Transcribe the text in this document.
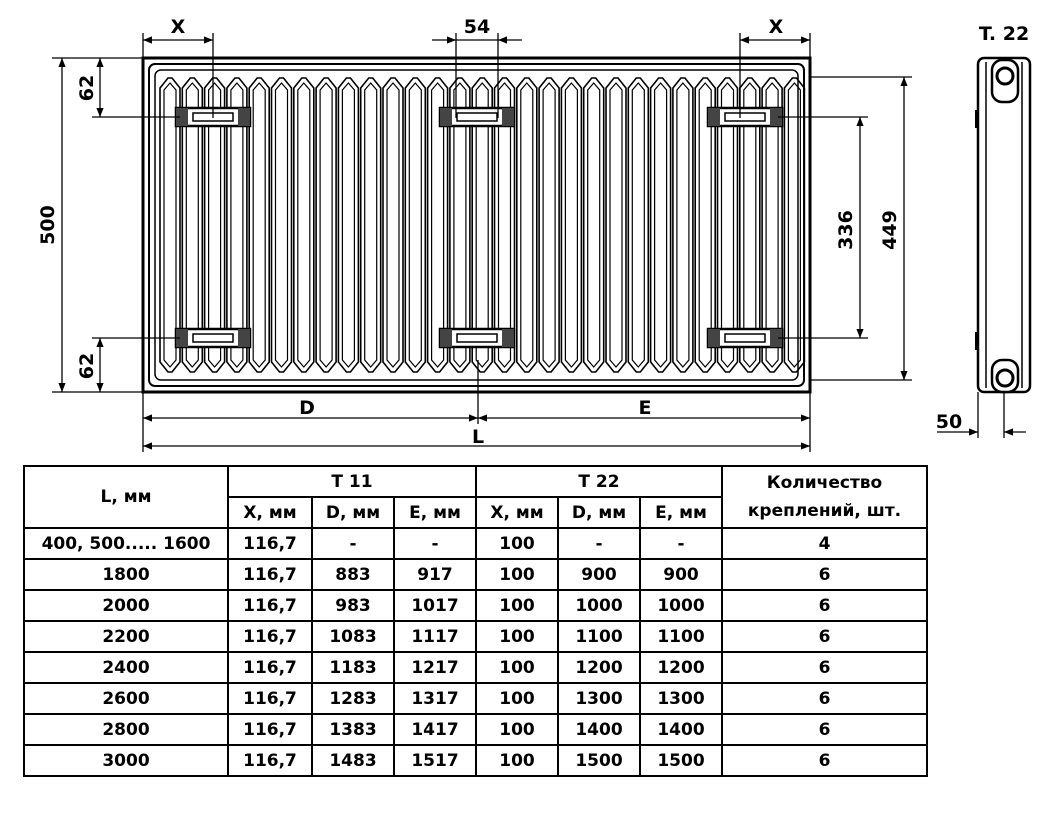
X	54	X
62
62
500	336 449
D	E
L
T. 22
50
L, мм	T 11			T 22			Количество
креплений, шт.

	X, мм	D, мм	E, мм	X, мм	D, мм	E, мм	
400, 500..... 1600	116,7	-	-	100	-	-	4
1800	116,7	883	917	100	900	900	6
2000	116,7	983	1017	100	1000	1000	6
2200	116,7	1083	1117	100	1100	1100	6
2400	116,7	1183	1217	100	1200	1200	6
2600	116,7	1283	1317	100	1300	1300	6
2800	116,7	1383	1417	100	1400	1400	6
3000	116,7	1483	1517	100	1500	1500	6
